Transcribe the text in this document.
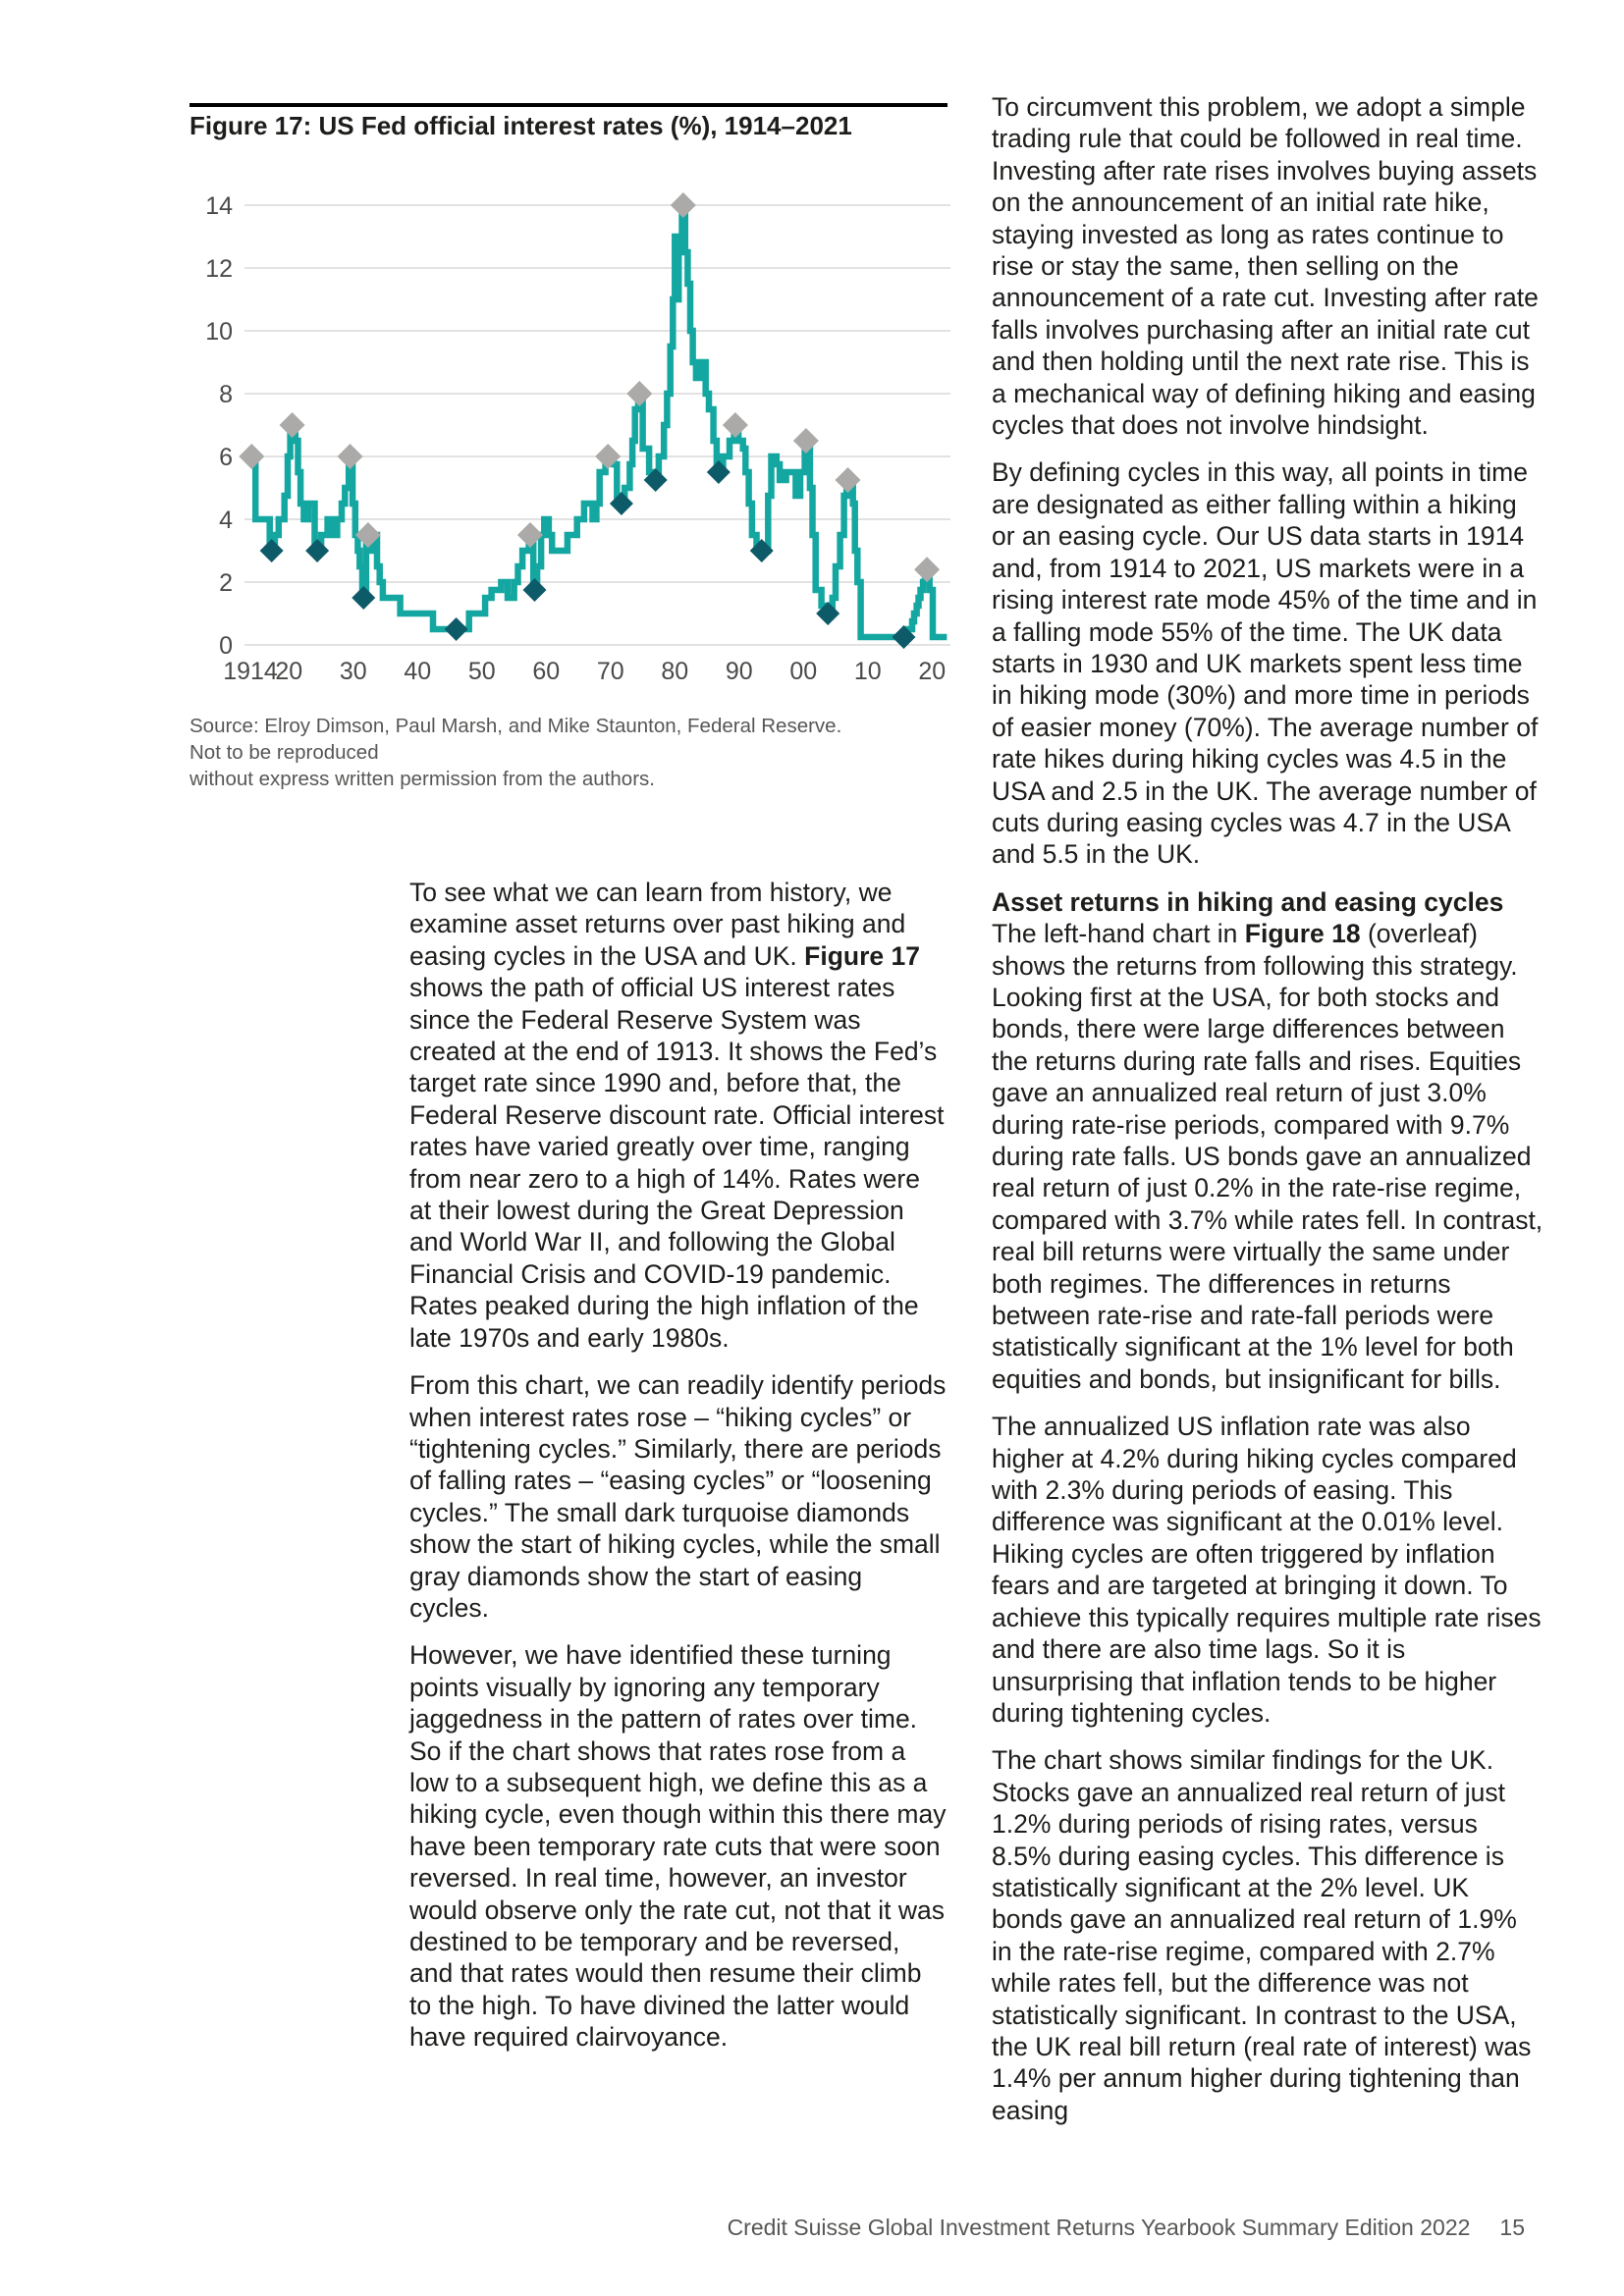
Figure 17: US Fed official interest rates (%), 1914–2021
0
2
4
6
8
10
12
14
1914
20 30 40 50 60 70 80 90 00 10 20
Source: Elroy Dimson, Paul Marsh, and Mike Staunton, Federal Reserve. Not to be reproduced
without express written permission from the authors.

To see what we can learn from history, we examine asset returns over past hiking and easing cycles in the USA and UK. Figure 17 shows the path of official US interest rates since the Federal Reserve System was created at the end of 1913. It shows the Fed’s target rate since 1990 and, before that, the Federal Reserve discount rate. Official interest rates have varied greatly over time, ranging from near zero to a high of 14%. Rates were at their lowest during the Great Depression and World War II, and following the Global Financial Crisis and COVID-19 pandemic. Rates peaked during the high inflation of the late 1970s and early 1980s.

From this chart, we can readily identify periods when interest rates rose – “hiking cycles” or “tightening cycles.” Similarly, there are periods of falling rates – “easing cycles” or “loosening cycles.” The small dark turquoise diamonds show the start of hiking cycles, while the small gray diamonds show the start of easing cycles.

However, we have identified these turning points visually by ignoring any temporary jaggedness in the pattern of rates over time. So if the chart shows that rates rose from a low to a subsequent high, we define this as a hiking cycle, even though within this there may have been temporary rate cuts that were soon reversed. In real time, however, an investor would observe only the rate cut, not that it was destined to be temporary and be reversed, and that rates would then resume their climb to the high. To have divined the latter would have required clairvoyance.

To circumvent this problem, we adopt a simple trading rule that could be followed in real time. Investing after rate rises involves buying assets on the announcement of an initial rate hike, staying invested as long as rates continue to rise or stay the same, then selling on the announcement of a rate cut. Investing after rate falls involves purchasing after an initial rate cut and then holding until the next rate rise. This is a mechanical way of defining hiking and easing cycles that does not involve hindsight.

By defining cycles in this way, all points in time are designated as either falling within a hiking or an easing cycle. Our US data starts in 1914 and, from 1914 to 2021, US markets were in a rising interest rate mode 45% of the time and in a falling mode 55% of the time. The UK data starts in 1930 and UK markets spent less time in hiking mode (30%) and more time in periods of easier money (70%). The average number of rate hikes during hiking cycles was 4.5 in the USA and 2.5 in the UK. The average number of cuts during easing cycles was 4.7 in the USA and 5.5 in the UK.

Asset returns in hiking and easing cycles

The left-hand chart in Figure 18 (overleaf) shows the returns from following this strategy. Looking first at the USA, for both stocks and bonds, there were large differences between the returns during rate falls and rises. Equities gave an annualized real return of just 3.0% during rate-rise periods, compared with 9.7% during rate falls. US bonds gave an annualized real return of just 0.2% in the rate-rise regime, compared with 3.7% while rates fell. In contrast, real bill returns were virtually the same under both regimes. The differences in returns between rate-rise and rate-fall periods were statistically significant at the 1% level for both equities and bonds, but insignificant for bills.

The annualized US inflation rate was also higher at 4.2% during hiking cycles compared with 2.3% during periods of easing. This difference was significant at the 0.01% level. Hiking cycles are often triggered by inflation fears and are targeted at bringing it down. To achieve this typically requires multiple rate rises and there are also time lags. So it is unsurprising that inflation tends to be higher during tightening cycles.

The chart shows similar findings for the UK. Stocks gave an annualized real return of just 1.2% during periods of rising rates, versus 8.5% during easing cycles. This difference is statistically significant at the 2% level. UK bonds gave an annualized real return of 1.9% in the rate-rise regime, compared with 2.7% while rates fell, but the difference was not statistically significant. In contrast to the USA, the UK real bill return (real rate of interest) was 1.4% per annum higher during tightening than easing

Credit Suisse Global Investment Returns Yearbook Summary Edition 2022 15
